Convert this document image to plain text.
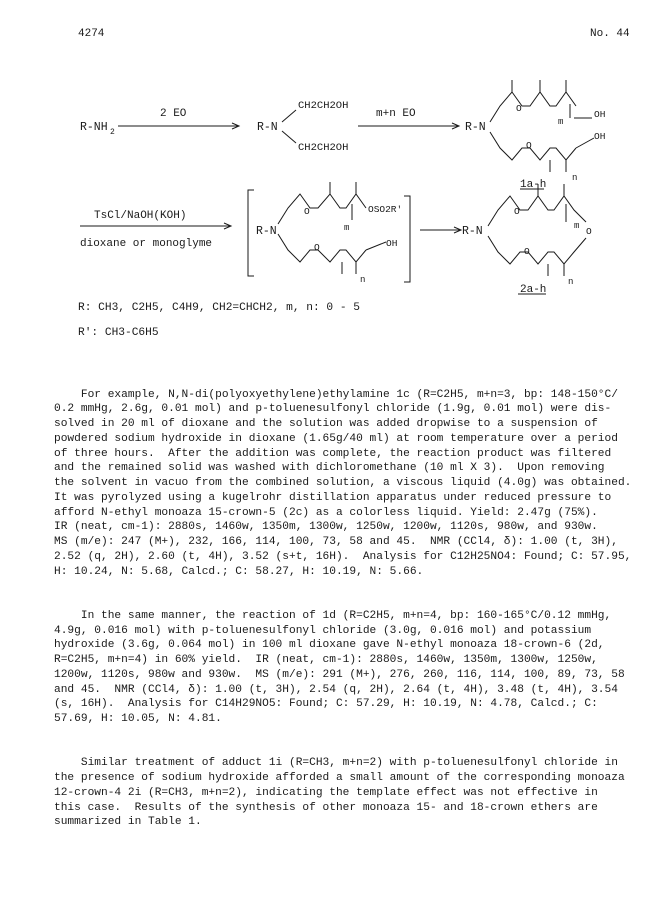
4274	No. 44
R-NH 2
2 EO
R-N
CH2CH2OH
CH2CH2OH
m+n EO
R-N
O
m
OH
O
OH
n
1a-h
TsCl/NaOH(KOH)
dioxane or monoglyme
R-N
O
m
OSO2R'
O	OH
n
R-N
O
m O
O
n
2a-h
R: CH3, C2H5, C4H9, CH2=CHCH2, m, n: 0 - 5
R': CH3-C6H5

For example, N,N-di(polyoxyethylene)ethylamine 1c (R=C2H5, m+n=3, bp: 148-150°C/
0.2 mmHg, 2.6g, 0.01 mol) and p-toluenesulfonyl chloride (1.9g, 0.01 mol) were dis-
solved in 20 ml of dioxane and the solution was added dropwise to a suspension of
powdered sodium hydroxide in dioxane (1.65g/40 ml) at room temperature over a period
of three hours.  After the addition was complete, the reaction product was filtered
and the remained solid was washed with dichloromethane (10 ml X 3).  Upon removing
the solvent in vacuo from the combined solution, a viscous liquid (4.0g) was obtained.
It was pyrolyzed using a kugelrohr distillation apparatus under reduced pressure to
afford N-ethyl monoaza 15-crown-5 (2c) as a colorless liquid. Yield: 2.47g (75%).
IR (neat, cm-1): 2880s, 1460w, 1350m, 1300w, 1250w, 1200w, 1120s, 980w, and 930w.
MS (m/e): 247 (M+), 232, 166, 114, 100, 73, 58 and 45.  NMR (CCl4, δ): 1.00 (t, 3H),
2.52 (q, 2H), 2.60 (t, 4H), 3.52 (s+t, 16H).  Analysis for C12H25NO4: Found; C: 57.95,
H: 10.24, N: 5.68, Calcd.; C: 58.27, H: 10.19, N: 5.66.

In the same manner, the reaction of 1d (R=C2H5, m+n=4, bp: 160-165°C/0.12 mmHg,
4.9g, 0.016 mol) with p-toluenesulfonyl chloride (3.0g, 0.016 mol) and potassium
hydroxide (3.6g, 0.064 mol) in 100 ml dioxane gave N-ethyl monoaza 18-crown-6 (2d,
R=C2H5, m+n=4) in 60% yield.  IR (neat, cm-1): 2880s, 1460w, 1350m, 1300w, 1250w,
1200w, 1120s, 980w and 930w.  MS (m/e): 291 (M+), 276, 260, 116, 114, 100, 89, 73, 58
and 45.  NMR (CCl4, δ): 1.00 (t, 3H), 2.54 (q, 2H), 2.64 (t, 4H), 3.48 (t, 4H), 3.54
(s, 16H).  Analysis for C14H29NO5: Found; C: 57.29, H: 10.19, N: 4.78, Calcd.; C:
57.69, H: 10.05, N: 4.81.

Similar treatment of adduct 1i (R=CH3, m+n=2) with p-toluenesulfonyl chloride in
the presence of sodium hydroxide afforded a small amount of the corresponding monoaza
12-crown-4 2i (R=CH3, m+n=2), indicating the template effect was not effective in
this case.  Results of the synthesis of other monoaza 15- and 18-crown ethers are
summarized in Table 1.
